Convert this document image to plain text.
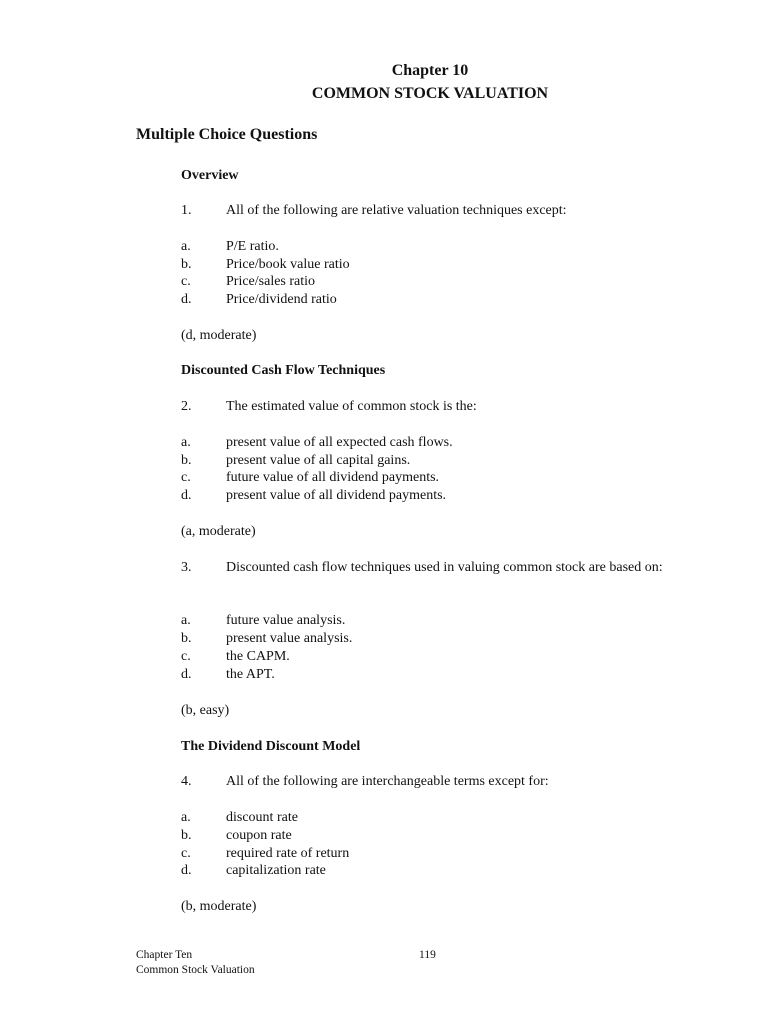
Chapter 10
COMMON STOCK VALUATION
Multiple Choice Questions
Overview
1. All of the following are relative valuation techniques except:
a.	P/E ratio.
b. Price/book value ratio
c.	Price/sales ratio
d. Price/dividend ratio
(d, moderate)
Discounted Cash Flow Techniques
2. The estimated value of common stock is the:
a.	present value of all expected cash flows.
b. present value of all capital gains.
c.	future value of all dividend payments.
d. present value of all dividend payments.
(a, moderate)
3. Discounted cash flow techniques used in valuing common stock are based on:
a.	future value analysis.
b. present value analysis.
c.	the CAPM.
d. the APT.
(b, easy)
The Dividend Discount Model
4. All of the following are interchangeable terms except for:
a.	discount rate
b. coupon rate
c.	required rate of return
d. capitalization rate
(b, moderate)
Chapter Ten
Common Stock Valuation
119
